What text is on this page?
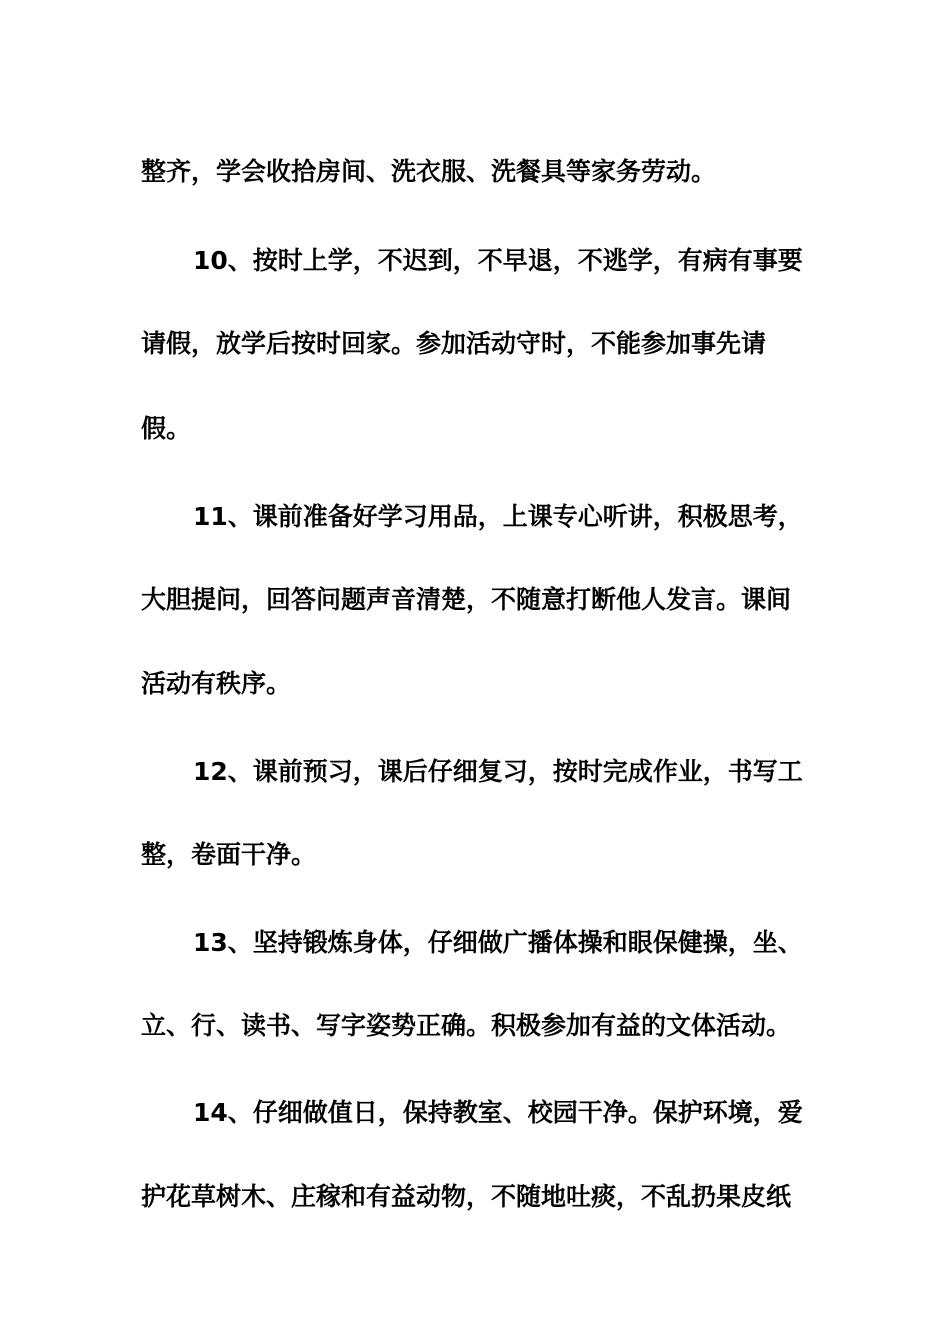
整齐，学会收拾房间、洗衣服、洗餐具等家务劳动。

10、按时上学，不迟到，不早退，不逃学，有病有事要

请假，放学后按时回家。参加活动守时，不能参加事先请

假。

11、课前准备好学习用品，上课专心听讲，积极思考，

大胆提问，回答问题声音清楚，不随意打断他人发言。课间

活动有秩序。

12、课前预习，课后仔细复习，按时完成作业，书写工

整，卷面干净。

13、坚持锻炼身体，仔细做广播体操和眼保健操，坐、

立、行、读书、写字姿势正确。积极参加有益的文体活动。

14、仔细做值日，保持教室、校园干净。保护环境，爱

护花草树木、庄稼和有益动物，不随地吐痰，不乱扔果皮纸
